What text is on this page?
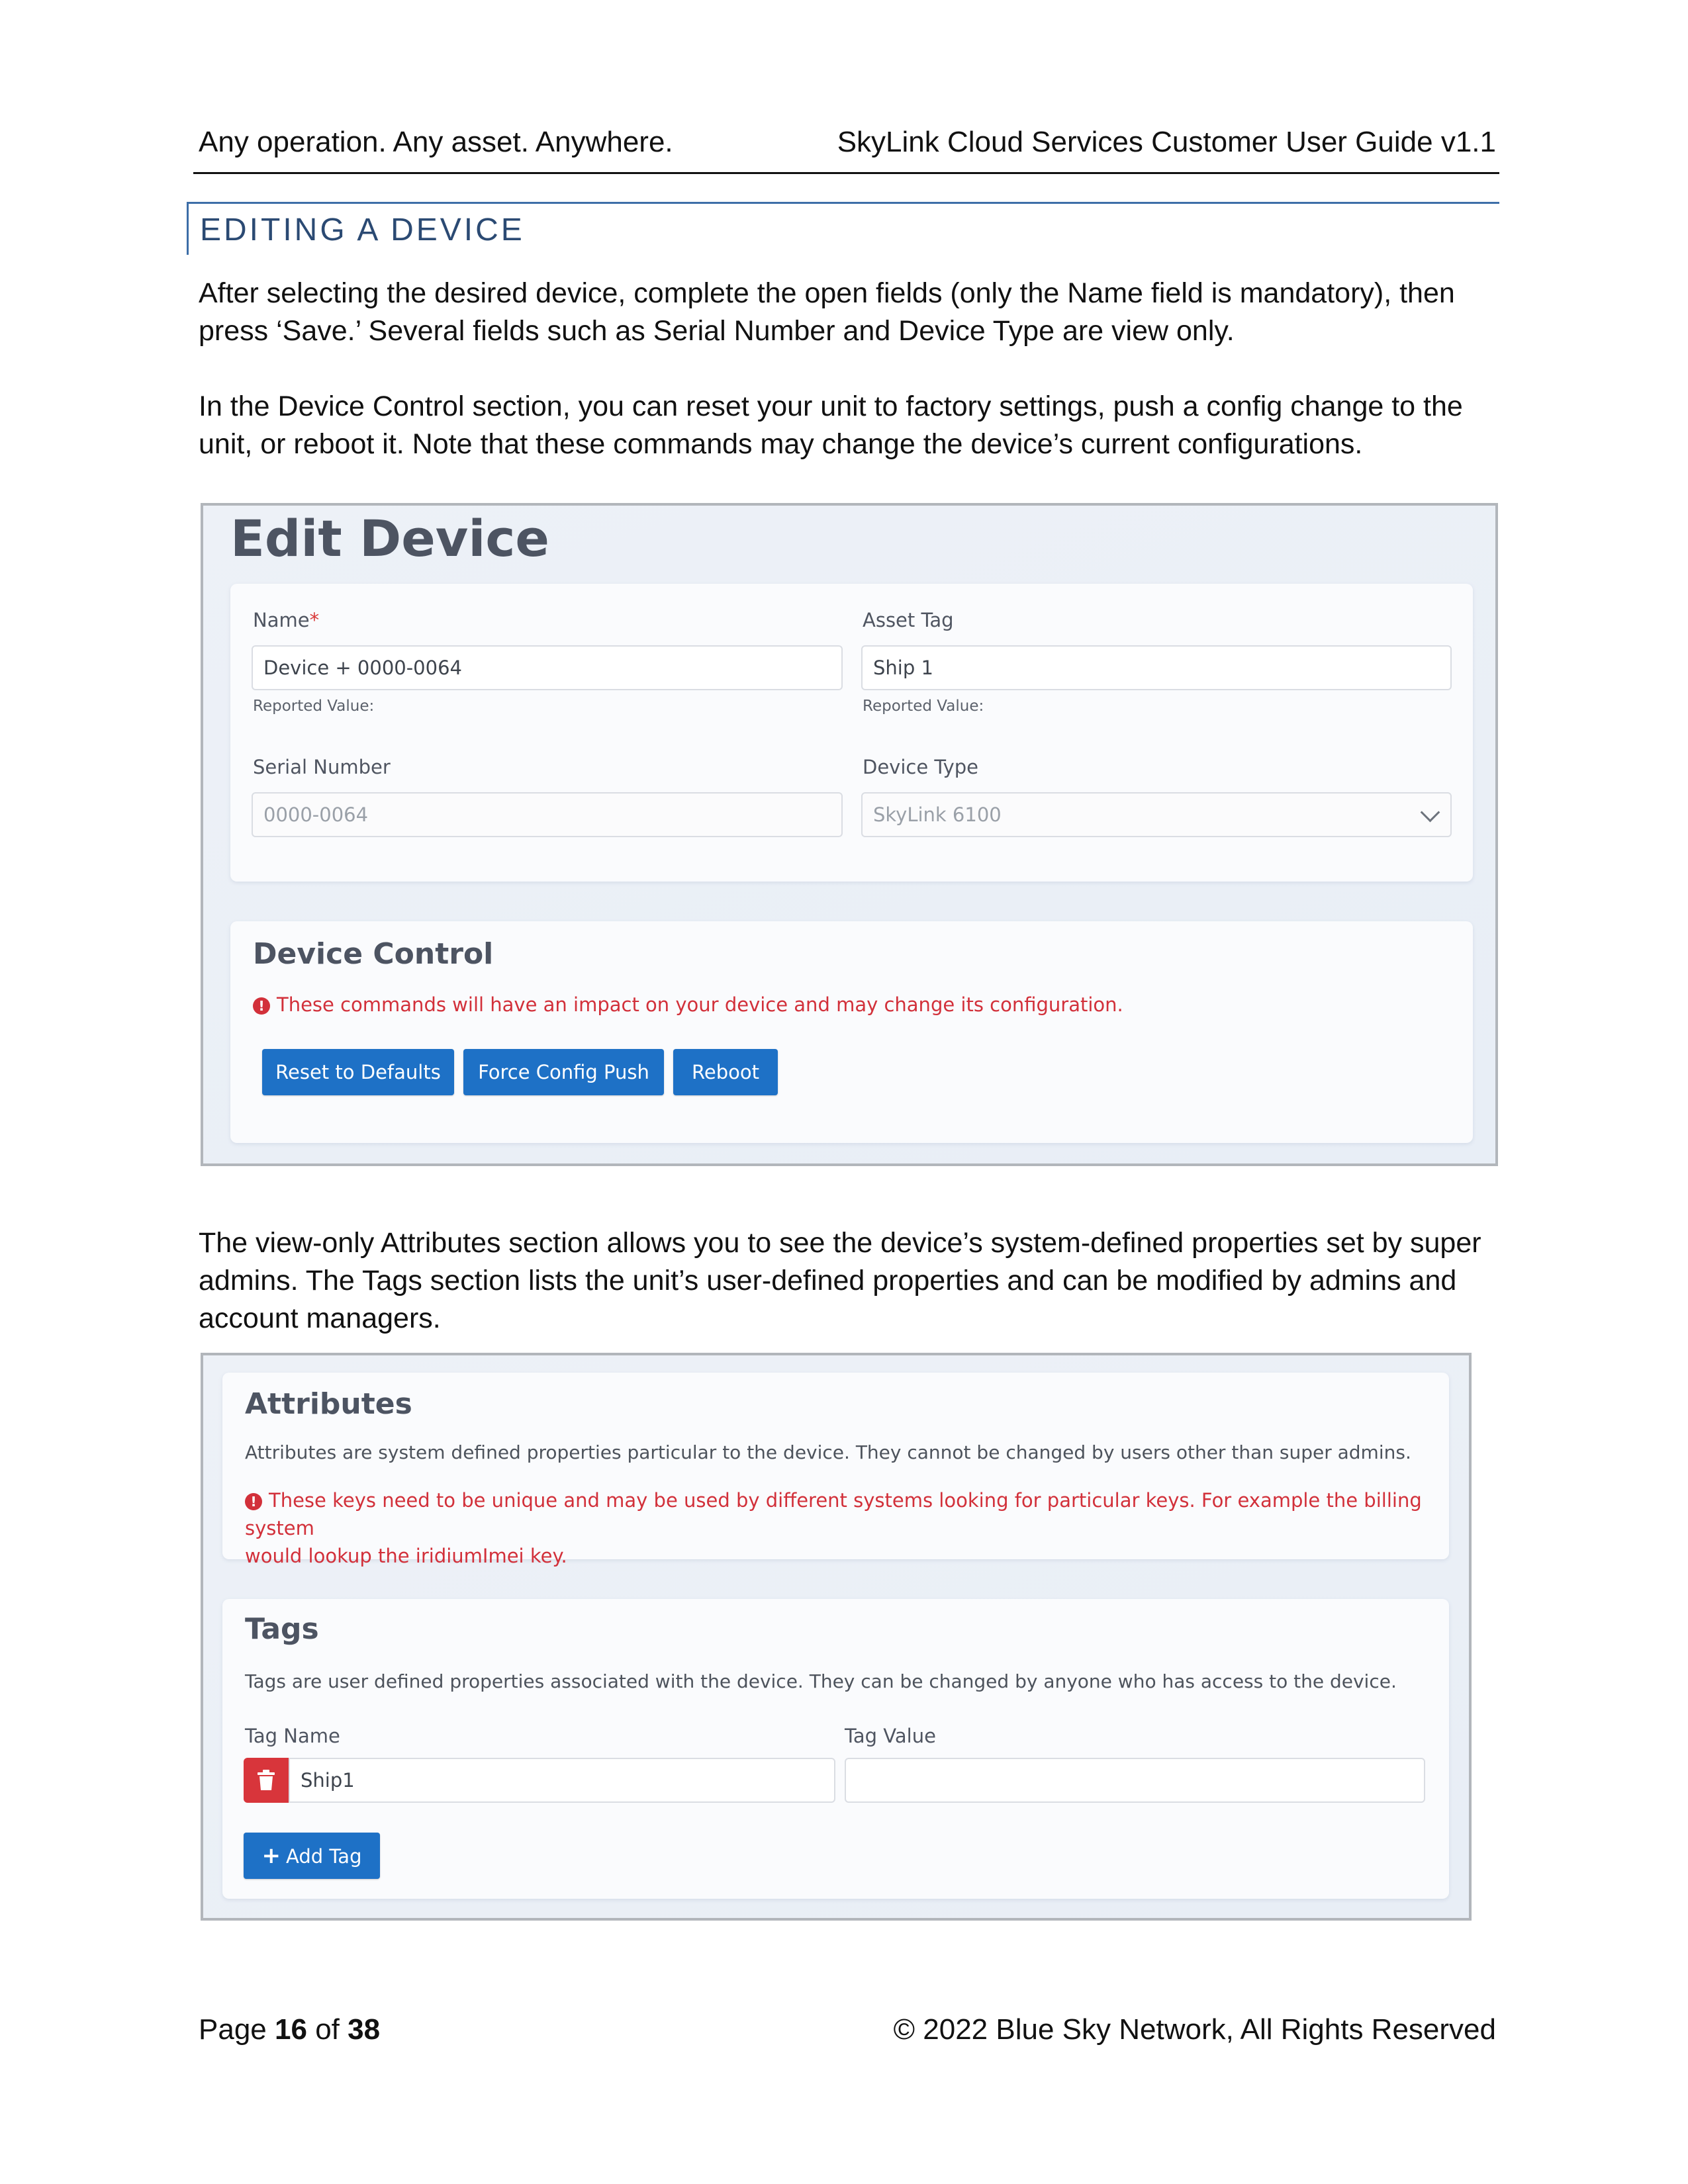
Any operation. Any asset. Anywhere.	SkyLink Cloud Services Customer User Guide v1.1
EDITING A DEVICE
After selecting the desired device, complete the open fields (only the Name field is mandatory), then press ‘Save.’ Several fields such as Serial Number and Device Type are view only.
In the Device Control section, you can reset your unit to factory settings, push a config change to the unit, or reboot it. Note that these commands may change the device’s current configurations.
Edit Device
Name*
Device + 0000-0064
Reported Value:
Asset Tag
Ship 1
Reported Value:
Serial Number
0000-0064
Device Type
SkyLink 6100
Device Control
! These commands will have an impact on your device and may change its configuration.
Reset to Defaults	Force Config Push	Reboot
The view-only Attributes section allows you to see the device’s system-defined properties set by super admins. The Tags section lists the unit’s user-defined properties and can be modified by admins and account managers.
Attributes
Attributes are system defined properties particular to the device. They cannot be changed by users other than super admins.
! These keys need to be unique and may be used by different systems looking for particular keys. For example the billing system
would lookup the iridiumImei key.
Tags
Tags are user defined properties associated with the device. They can be changed by anyone who has access to the device.
Tag Name	Tag Value
Ship1
+ Add Tag
Page 16 of 38	© 2022 Blue Sky Network, All Rights Reserved
